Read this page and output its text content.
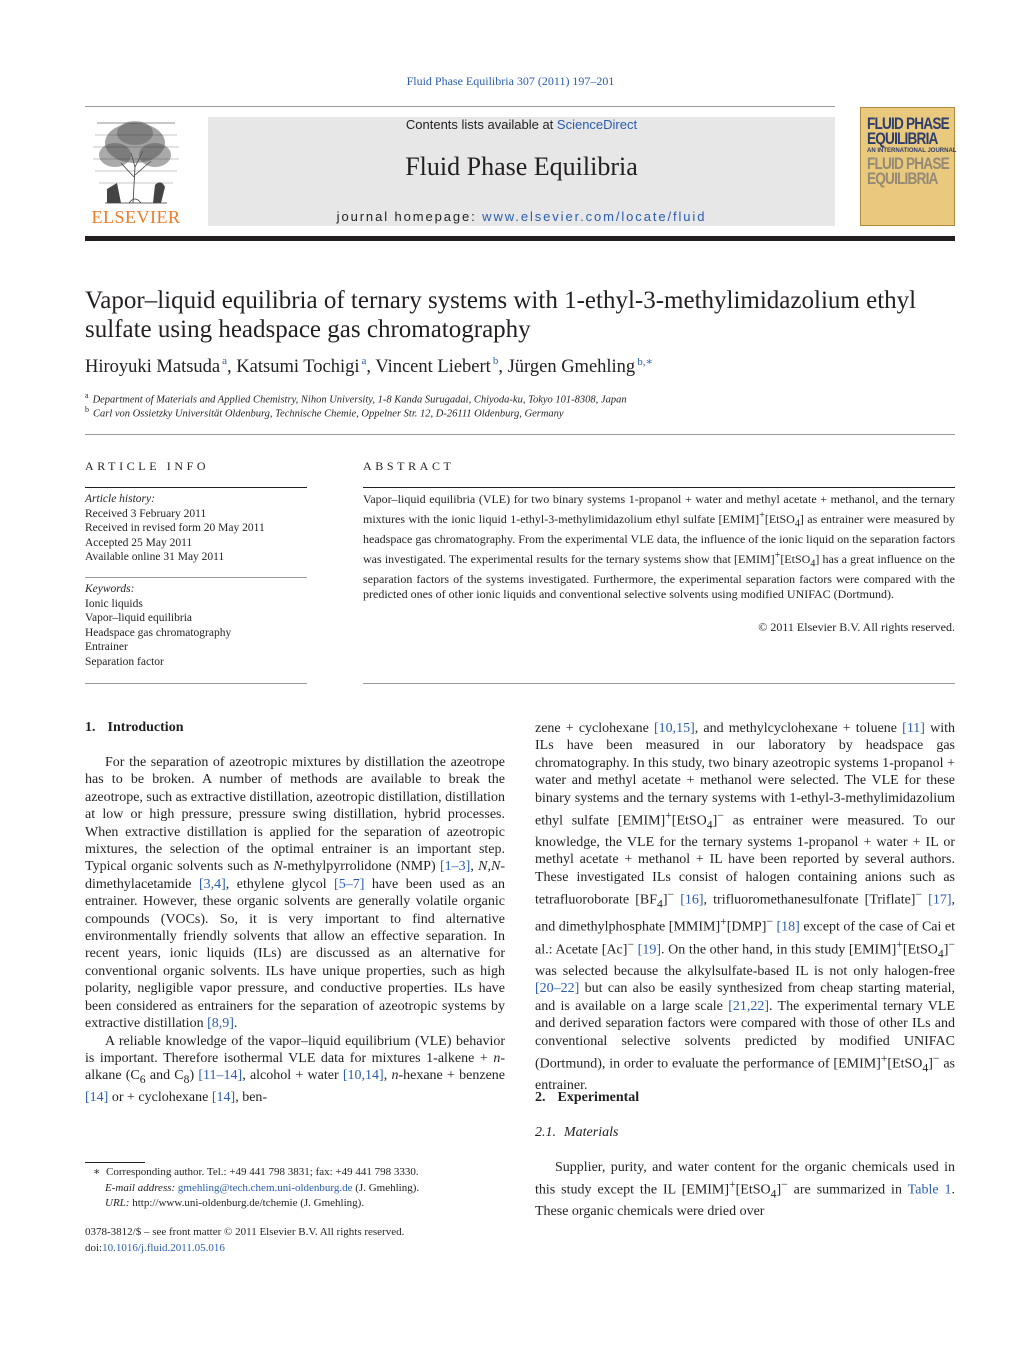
Fluid Phase Equilibria 307 (2011) 197–201
ELSEVIER
Contents lists available at ScienceDirect
Fluid Phase Equilibria
journal homepage: www.elsevier.com/locate/fluid
FLUID PHASE
EQUILIBRIA
AN INTERNATIONAL JOURNAL
FLUID PHASE
EQUILIBRIA
Vapor–liquid equilibria of ternary systems with 1-ethyl-3-methylimidazolium ethyl sulfate using headspace gas chromatography
Hiroyuki Matsuda $^a$, Katsumi Tochigi $^a$, Vincent Liebert $^b$, Jürgen Gmehling $^{b,∗}$
$^a$ Department of Materials and Applied Chemistry, Nihon University, 1-8 Kanda Surugadai, Chiyoda-ku, Tokyo 101-8308, Japan
$^b$ Carl von Ossietzky Universität Oldenburg, Technische Chemie, Oppelner Str. 12, D-26111 Oldenburg, Germany
ARTICLE INFO
Article history:
Received 3 February 2011
Received in revised form 20 May 2011
Accepted 25 May 2011
Available online 31 May 2011
Keywords:
Ionic liquids
Vapor–liquid equilibria
Headspace gas chromatography
Entrainer
Separation factor
ABSTRACT
Vapor–liquid equilibria (VLE) for two binary systems 1-propanol + water and methyl acetate + methanol, and the ternary mixtures with the ionic liquid 1-ethyl-3-methylimidazolium ethyl sulfate [EMIM]+[EtSO$_4$] as entrainer were measured by headspace gas chromatography. From the experimental VLE data, the influence of the ionic liquid on the separation factors was investigated. The experimental results for the ternary systems show that [EMIM]+[EtSO$_4$] has a great influence on the separation factors of the systems investigated. Furthermore, the experimental separation factors were compared with the predicted ones of other ionic liquids and conventional selective solvents using modified UNIFAC (Dortmund).
© 2011 Elsevier B.V. All rights reserved.
1. Introduction

For the separation of azeotropic mixtures by distillation the azeotrope has to be broken. A number of methods are available to break the azeotrope, such as extractive distillation, azeotropic distillation, distillation at low or high pressure, pressure swing distillation, hybrid processes. When extractive distillation is applied for the separation of azeotropic mixtures, the selection of the optimal entrainer is an important step. Typical organic solvents such as N-methylpyrrolidone (NMP) [1–3], N,N-dimethylacetamide [3,4], ethylene glycol [5–7] have been used as an entrainer. However, these organic solvents are generally volatile organic compounds (VOCs). So, it is very important to find alternative environmentally friendly solvents that allow an effective separation. In recent years, ionic liquids (ILs) are discussed as an alternative for conventional organic solvents. ILs have unique properties, such as high polarity, negligible vapor pressure, and conductive properties. ILs have been considered as entrainers for the separation of azeotropic systems by extractive distillation [8,9].

A reliable knowledge of the vapor–liquid equilibrium (VLE) behavior is important. Therefore isothermal VLE data for mixtures 1-alkene + n-alkane ($C_6$ and $C_8$) [11–14], alcohol + water [10,14], n-hexane + benzene [14] or + cyclohexane [14], ben-

zene + cyclohexane [10,15], and methylcyclohexane + toluene [11] with ILs have been measured in our laboratory by headspace gas chromatography. In this study, two binary azeotropic systems 1-propanol + water and methyl acetate + methanol were selected. The VLE for these binary systems and the ternary systems with 1-ethyl-3-methylimidazolium ethyl sulfate [EMIM]+[EtSO$_4$]− as entrainer were measured. To our knowledge, the VLE for the ternary systems 1-propanol + water + IL or methyl acetate + methanol + IL have been reported by several authors. These investigated ILs consist of halogen containing anions such as tetrafluoroborate $[BF_4]^-$ [16], trifluoromethanesulfonate [Triflate]− [17], and dimethylphosphate [MMIM]+[DMP]− [18] except of the case of Cai et al.: Acetate [Ac]− [19]. On the other hand, in this study [EMIM]+[EtSO$_4$]− was selected because the alkylsulfate-based IL is not only halogen-free [20–22] but can also be easily synthesized from cheap starting material, and is available on a large scale [21,22]. The experimental ternary VLE and derived separation factors were compared with those of other ILs and conventional selective solvents predicted by modified UNIFAC (Dortmund), in order to evaluate the performance of [EMIM]+[EtSO$_4$]− as entrainer.

2. Experimental
2.1. Materials

Supplier, purity, and water content for the organic chemicals used in this study except the IL [EMIM]+[EtSO$_4$]− are summarized in Table 1. These organic chemicals were dried over

∗  Corresponding author. Tel.: +49 441 798 3831; fax: +49 441 798 3330.
E-mail address: gmehling@tech.chem.uni-oldenburg.de (J. Gmehling).
URL: http://www.uni-oldenburg.de/tchemie (J. Gmehling).
0378-3812/$ – see front matter © 2011 Elsevier B.V. All rights reserved.
doi:10.1016/j.fluid.2011.05.016
